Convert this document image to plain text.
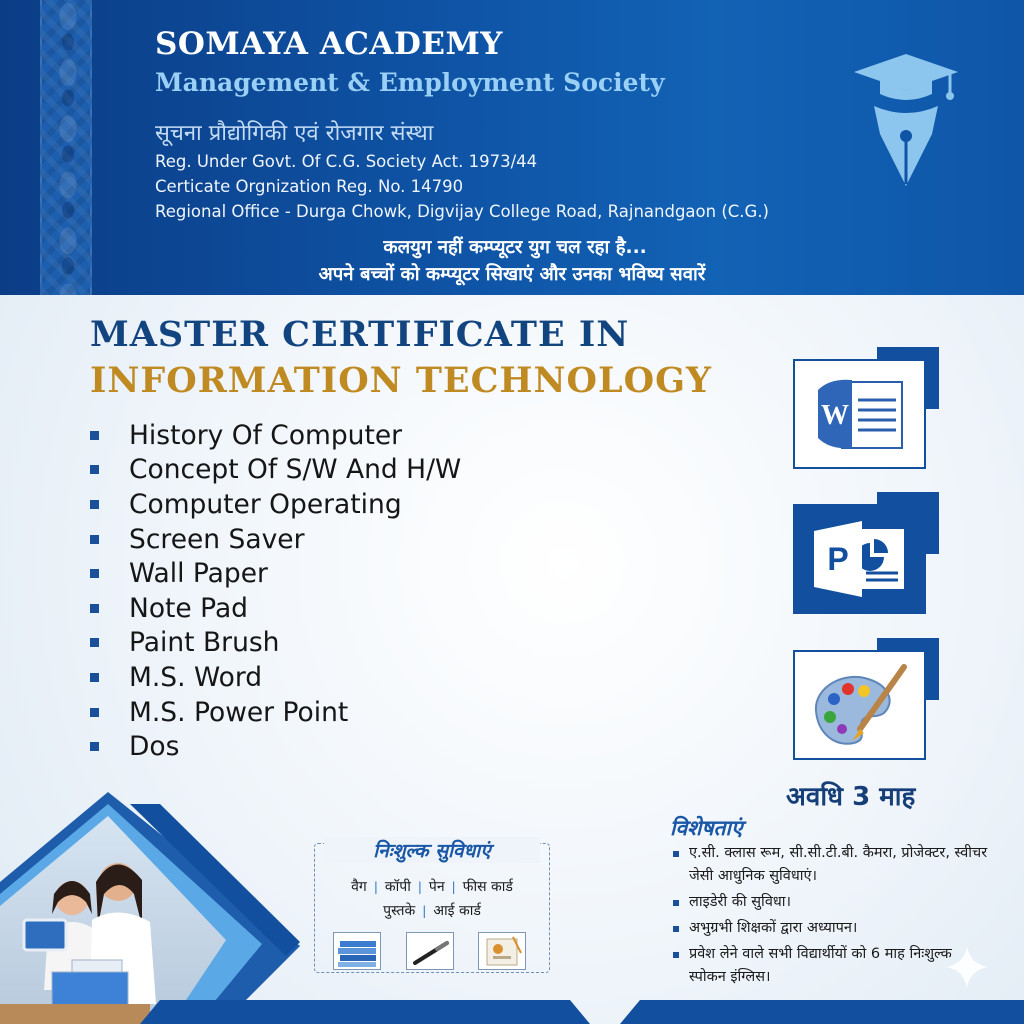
SOMAYA ACADEMY
Management & Employment Society
सूचना प्रौद्योगिकी एवं रोजगार संस्था
Reg. Under Govt. Of C.G. Society Act. 1973/44
Certicate Orgnization Reg. No. 14790
Regional Office - Durga Chowk, Digvijay College Road, Rajnandgaon (C.G.)
कलयुग नहीं कम्प्यूटर युग चल रहा है...
अपने बच्चों को कम्प्यूटर सिखाएं और उनका भविष्य सवारें
MASTER CERTIFICATE IN
INFORMATION TECHNOLOGY
History Of Computer
Concept Of S/W And H/W
Computer Operating
Screen Saver
Wall Paper
Note Pad
Paint Brush
M.S. Word
M.S. Power Point
Dos
W
P
अवधि 3 माह
विशेषताएं
ए.सी. क्लास रूम, सी.सी.टी.बी. कैमरा, प्रोजेक्टर, स्वीचर जेसी आधुनिक सुविधाएं।
लाइडेरी की सुविधा।
अभुग्रभी शिक्षकों द्वारा अध्यापन।
प्रवेश लेने वाले सभी विद्यार्थीयों को 6 माह निःशुल्क स्पोकन इंग्लिस।
निःशुल्क सुविधाएं
वैग | कॉपी | पेन | फीस कार्ड
पुस्तके | आई कार्ड
